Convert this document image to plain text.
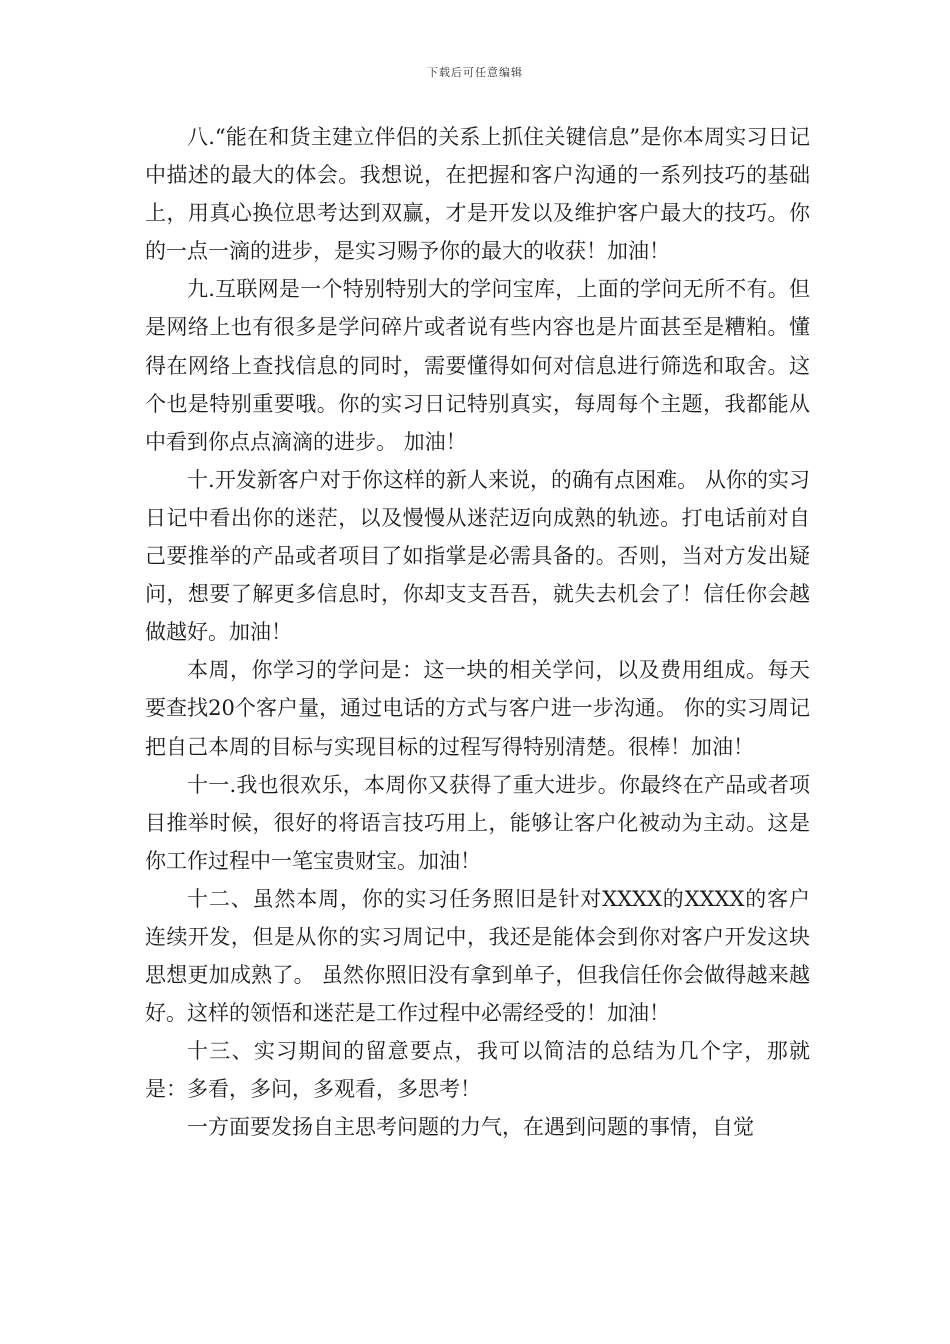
下载后可任意编辑

八.“能在和货主建立伴侣的关系上抓住关键信息”是你本周实习日记中描述的最大的体会。我想说，在把握和客户沟通的一系列技巧的基础上，用真心换位思考达到双赢，才是开发以及维护客户最大的技巧。你的一点一滴的进步，是实习赐予你的最大的收获！加油！

九.互联网是一个特别特别大的学问宝库，上面的学问无所不有。但是网络上也有很多是学问碎片或者说有些内容也是片面甚至是糟粕。懂得在网络上查找信息的同时，需要懂得如何对信息进行筛选和取舍。这个也是特别重要哦。你的实习日记特别真实，每周每个主题，我都能从中看到你点点滴滴的进步。 加油！

十.开发新客户对于你这样的新人来说，的确有点困难。 从你的实习日记中看出你的迷茫，以及慢慢从迷茫迈向成熟的轨迹。打电话前对自己要推举的产品或者项目了如指掌是必需具备的。否则，当对方发出疑问，想要了解更多信息时，你却支支吾吾，就失去机会了！信任你会越做越好。加油！

本周，你学习的学问是：这一块的相关学问，以及费用组成。每天要查找20个客户量，通过电话的方式与客户进一步沟通。 你的实习周记把自己本周的目标与实现目标的过程写得特别清楚。很棒！加油！

十一.我也很欢乐，本周你又获得了重大进步。你最终在产品或者项目推举时候，很好的将语言技巧用上，能够让客户化被动为主动。这是你工作过程中一笔宝贵财宝。加油！

十二、虽然本周，你的实习任务照旧是针对XXXX的XXXX的客户连续开发，但是从你的实习周记中，我还是能体会到你对客户开发这块思想更加成熟了。 虽然你照旧没有拿到单子，但我信任你会做得越来越好。这样的领悟和迷茫是工作过程中必需经受的！加油！

十三、实习期间的留意要点，我可以简洁的总结为几个字，那就是：多看，多问，多观看，多思考！

一方面要发扬自主思考问题的力气，在遇到问题的事情，自觉
